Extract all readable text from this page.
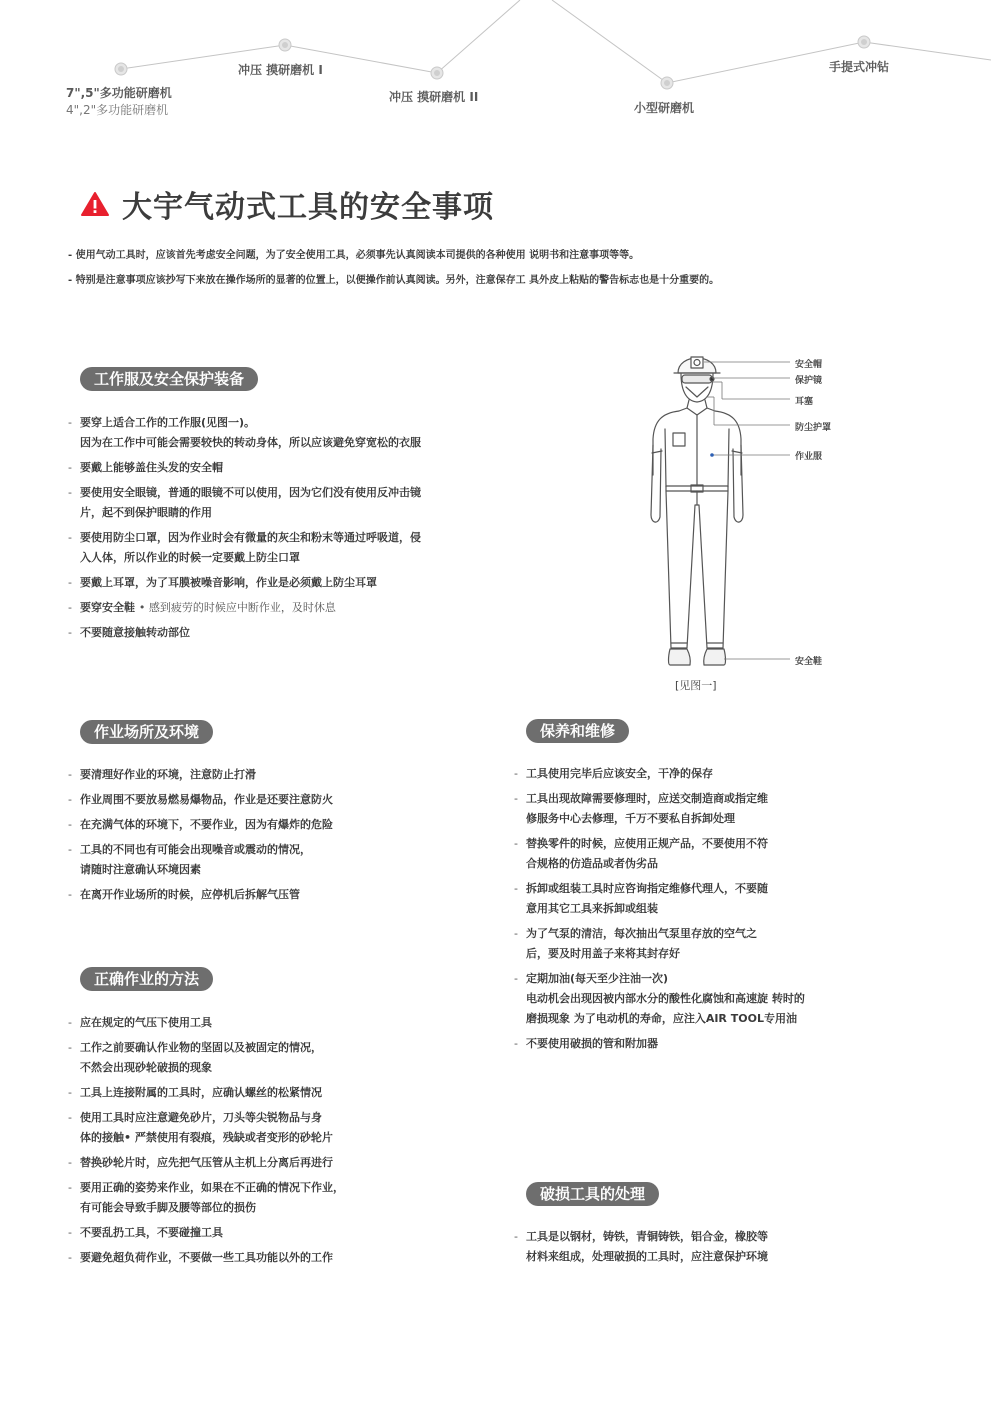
7",5"多功能研磨机
4",2"多功能研磨机
冲压 摸研磨机 I
冲压 摸研磨机 II
小型研磨机
手提式冲钻
大宇气动式工具的安全事项
- 使用气动工具时，应该首先考虑安全问题，为了安全使用工具，必须事先认真阅读本司提供的各种使用 说明书和注意事项等等。
- 特别是注意事项应该抄写下来放在操作场所的显著的位置上，以便操作前认真阅读。另外，注意保存工 具外皮上粘贴的警告标志也是十分重要的。
工作服及安全保护装备
- 要穿上适合工作的工作服(见图一)。
因为在工作中可能会需要较快的转动身体，所以应该避免穿宽松的衣服
- 要戴上能够盖住头发的安全帽
- 要使用安全眼镜，普通的眼镜不可以使用，因为它们没有使用反冲击镜
片，起不到保护眼睛的作用
- 要使用防尘口罩，因为作业时会有微量的灰尘和粉末等通过呼吸道，侵
入人体，所以作业的时候一定要戴上防尘口罩
- 要戴上耳罩，为了耳膜被噪音影响，作业是必须戴上防尘耳罩
- 要穿安全鞋 • 感到疲劳的时候应中断作业，及时休息
- 不要随意接触转动部位
安全帽
保护镜
耳塞
防尘护罩
作业服
安全鞋
[见图一]
作业场所及环境
- 要清理好作业的环境，注意防止打滑
- 作业周围不要放易燃易爆物品，作业是还要注意防火
- 在充满气体的环境下，不要作业，因为有爆炸的危险
- 工具的不同也有可能会出现噪音或震动的情况，
请随时注意确认环境因素
- 在离开作业场所的时候，应停机后拆解气压管
正确作业的方法
- 应在规定的气压下使用工具
- 工作之前要确认作业物的坚固以及被固定的情况，
不然会出现砂轮破损的现象
- 工具上连接附属的工具时，应确认螺丝的松紧情况
- 使用工具时应注意避免砂片，刀头等尖锐物品与身
体的接触• 严禁使用有裂痕，残缺或者变形的砂轮片
- 替换砂轮片时，应先把气压管从主机上分离后再进行
- 要用正确的姿势来作业，如果在不正确的情况下作业，
有可能会导致手脚及腰等部位的损伤
- 不要乱扔工具，不要碰撞工具
- 要避免超负荷作业，不要做一些工具功能以外的工作
保养和维修
- 工具使用完毕后应该安全，干净的保存
- 工具出现故障需要修理时，应送交制造商或指定维
修服务中心去修理，千万不要私自拆卸处理
- 替换零件的时候，应使用正规产品，不要使用不符
合规格的仿造品或者伪劣品
- 拆卸或组装工具时应咨询指定维修代理人，不要随
意用其它工具来拆卸或组装
- 为了气泵的清洁，每次抽出气泵里存放的空气之
后，要及时用盖子来将其封存好
- 定期加油(每天至少注油一次)
电动机会出现因被内部水分的酸性化腐蚀和高速旋 转时的
磨损现象 为了电动机的寿命，应注入AIR TOOL专用油
- 不要使用破损的管和附加器
破损工具的处理
- 工具是以钢材，铸铁，青铜铸铁，铝合金，橡胶等
材料来组成，处理破损的工具时，应注意保护环境
